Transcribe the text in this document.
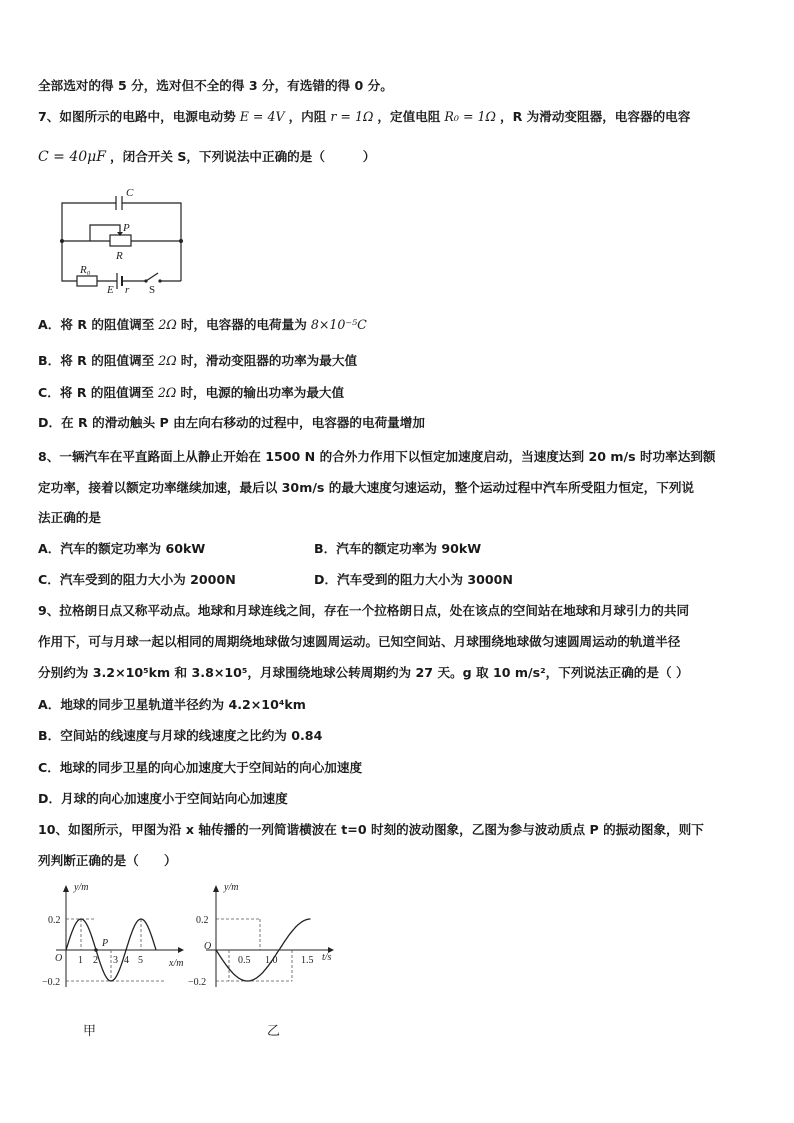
全部选对的得 5 分，选对但不全的得 3 分，有选错的得 0 分。
7、如图所示的电路中，电源电动势 E = 4V ，内阻 r = 1Ω ，定值电阻 R₀ = 1Ω ，R 为滑动变阻器，电容器的电容
C = 40μF ，闭合开关 S，下列说法中正确的是（　　　）
C
P
R
R₀
E r S
A．将 R 的阻值调至 2Ω 时，电容器的电荷量为 8×10⁻⁵C
B．将 R 的阻值调至 2Ω 时，滑动变阻器的功率为最大值
C．将 R 的阻值调至 2Ω 时，电源的输出功率为最大值
D．在 R 的滑动触头 P 由左向右移动的过程中，电容器的电荷量增加
8、一辆汽车在平直路面上从静止开始在 1500 N 的合外力作用下以恒定加速度启动，当速度达到 20 m/s 时功率达到额
定功率，接着以额定功率继续加速，最后以 30m/s 的最大速度匀速运动，整个运动过程中汽车所受阻力恒定，下列说
法正确的是
A．汽车的额定功率为 60kW	B．汽车的额定功率为 90kW
C．汽车受到的阻力大小为 2000N	D．汽车受到的阻力大小为 3000N
9、拉格朗日点又称平动点。地球和月球连线之间，存在一个拉格朗日点，处在该点的空间站在地球和月球引力的共同
作用下，可与月球一起以相同的周期绕地球做匀速圆周运动。已知空间站、月球围绕地球做匀速圆周运动的轨道半径
分别约为 3.2×10⁵km 和 3.8×10⁵，月球围绕地球公转周期约为 27 天。g 取 10 m/s²，下列说法正确的是（ ）
A．地球的同步卫星轨道半径约为 4.2×10⁴km
B．空间站的线速度与月球的线速度之比约为 0.84
C．地球的同步卫星的向心加速度大于空间站的向心加速度
D．月球的向心加速度小于空间站向心加速度
10、如图所示，甲图为沿 x 轴传播的一列简谐横波在 t=0 时刻的波动图象，乙图为参与波动质点 P 的振动图象，则下
列判断正确的是（　　）
y/m
x/m
O
P
0.2
−0.2
1 2 3 4 5
y/m
t/s
O
0.2
−0.2
0.5 1.0 1.5
甲	乙
